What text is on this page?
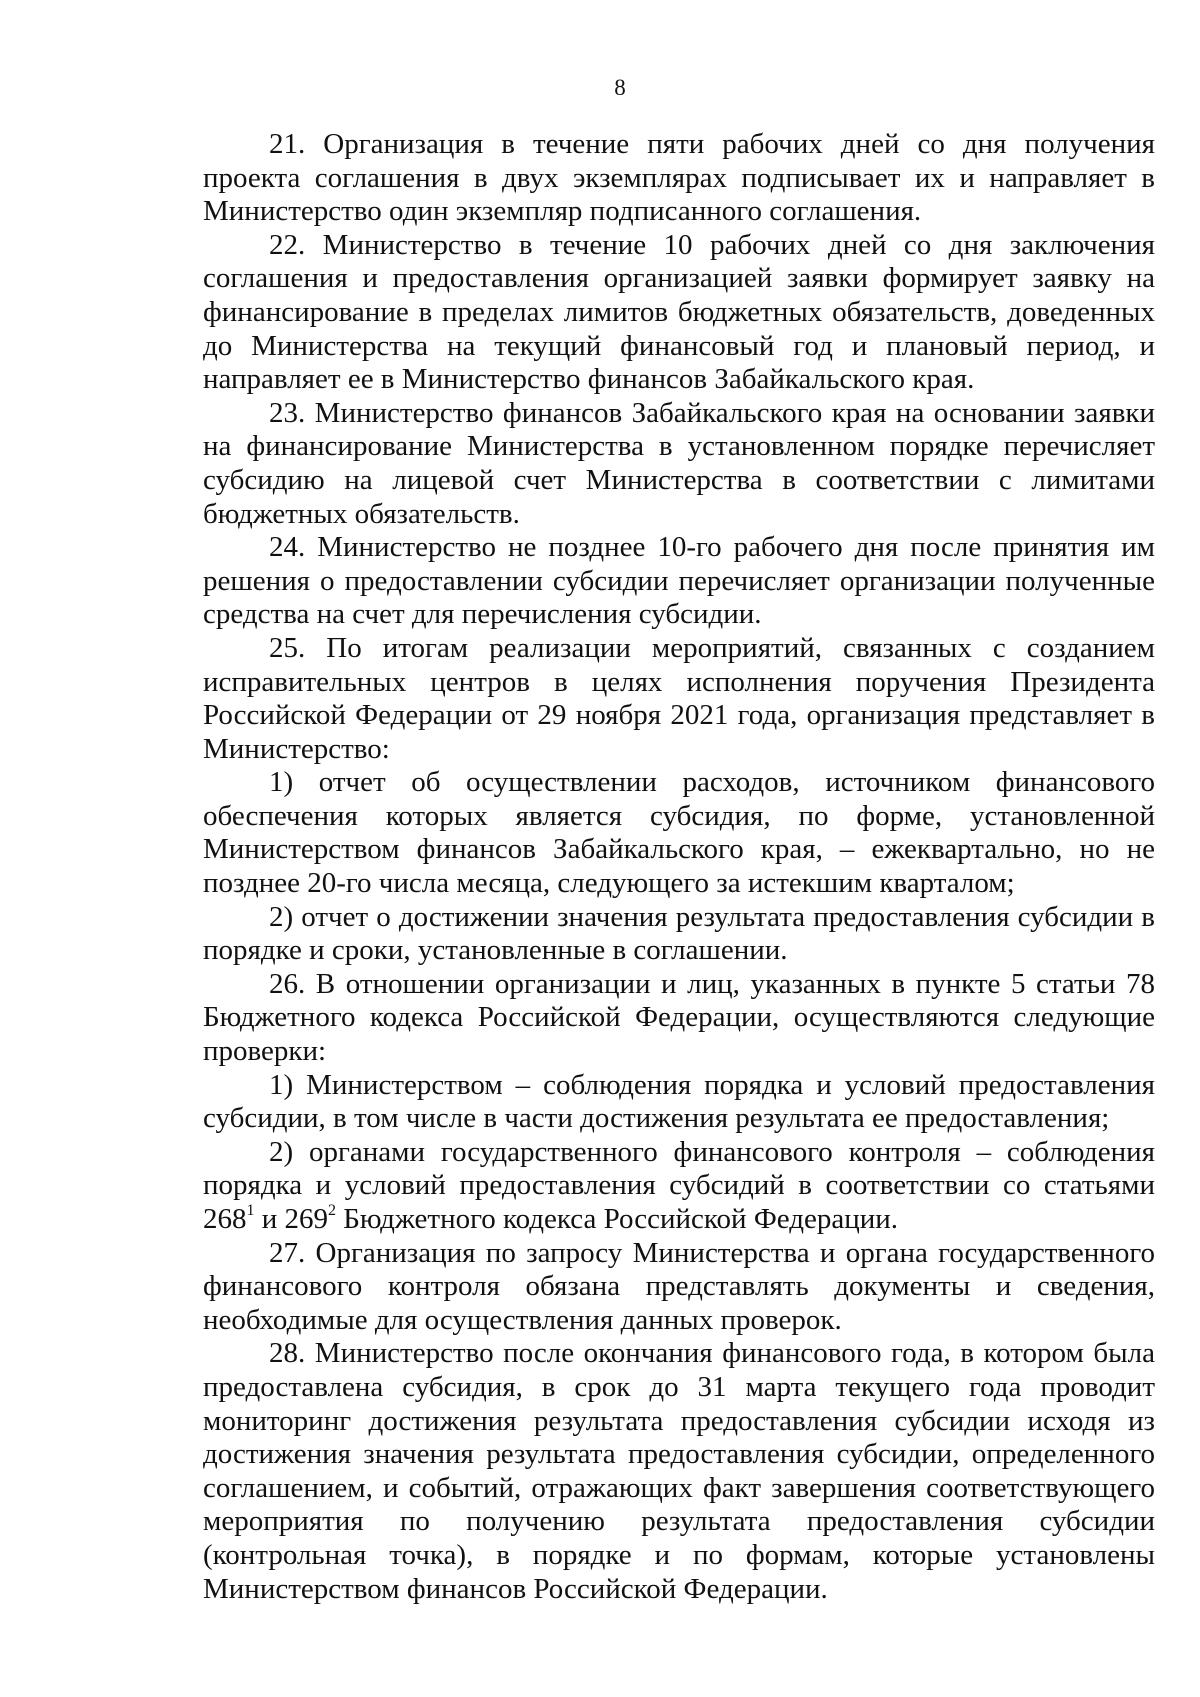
8

21. Организация в течение пяти рабочих дней со дня получения проекта соглашения в двух экземплярах подписывает их и направляет в Министерство один экземпляр подписанного соглашения.

22. Министерство в течение 10 рабочих дней со дня заключения соглашения и предоставления организацией заявки формирует заявку на финансирование в пределах лимитов бюджетных обязательств, доведенных до Министерства на текущий финансовый год и плановый период, и направляет ее в Министерство финансов Забайкальского края.

23. Министерство финансов Забайкальского края на основании заявки на финансирование Министерства в установленном порядке перечисляет субсидию на лицевой счет Министерства в соответствии с лимитами бюджетных обязательств.

24. Министерство не позднее 10-го рабочего дня после принятия им решения о предоставлении субсидии перечисляет организации полученные средства на счет для перечисления субсидии.

25. По итогам реализации мероприятий, связанных с созданием исправительных центров в целях исполнения поручения Президента Российской Федерации от 29 ноября 2021 года, организация представляет в Министерство:

1) отчет об осуществлении расходов, источником финансового обеспечения которых является субсидия, по форме, установленной Министерством финансов Забайкальского края, – ежеквартально, но не позднее 20-го числа месяца, следующего за истекшим кварталом;

2) отчет о достижении значения результата предоставления субсидии в порядке и сроки, установленные в соглашении.

26. В отношении организации и лиц, указанных в пункте 5 статьи 78 Бюджетного кодекса Российской Федерации, осуществляются следующие проверки:

1) Министерством – соблюдения порядка и условий предоставления субсидии, в том числе в части достижения результата ее предоставления;

2) органами государственного финансового контроля – соблюдения порядка и условий предоставления субсидий в соответствии со статьями $268^1$ и $269^2$ Бюджетного кодекса Российской Федерации.

27. Организация по запросу Министерства и органа государственного финансового контроля обязана представлять документы и сведения, необходимые для осуществления данных проверок.

28. Министерство после окончания финансового года, в котором была предоставлена субсидия, в срок до 31 марта текущего года проводит мониторинг достижения результата предоставления субсидии исходя из достижения значения результата предоставления субсидии, определенного соглашением, и событий, отражающих факт завершения соответствующего мероприятия по получению результата предоставления субсидии (контрольная точка), в порядке и по формам, которые установлены Министерством финансов Российской Федерации.
